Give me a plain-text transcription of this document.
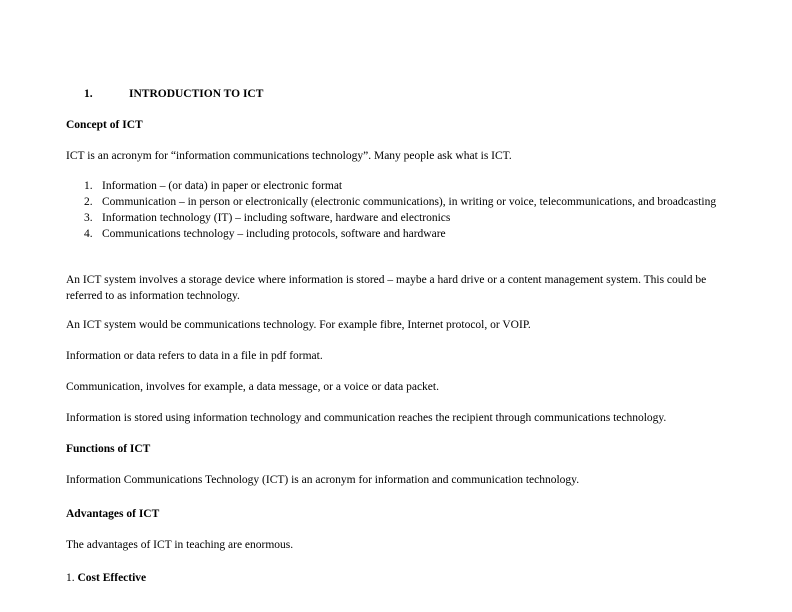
1.	INTRODUCTION TO ICT
Concept of ICT
ICT is an acronym for “information communications technology”. Many people ask what is ICT.
1. Information – (or data) in paper or electronic format
2. Communication – in person or electronically (electronic communications), in writing or voice, telecommunications, and broadcasting
3. Information technology (IT) – including software, hardware and electronics
4. Communications technology – including protocols, software and hardware
An ICT system involves a storage device where information is stored – maybe a hard drive or a content management system. This could be referred to as information technology.
An ICT system would be communications technology. For example fibre, Internet protocol, or VOIP.
Information or data refers to data in a file in pdf format.
Communication, involves for example, a data message, or a voice or data packet.
Information is stored using information technology and communication reaches the recipient through communications technology.
Functions of ICT
Information Communications Technology (ICT) is an acronym for information and communication technology.
Advantages of ICT
The advantages of ICT in teaching are enormous.
1. Cost Effective
